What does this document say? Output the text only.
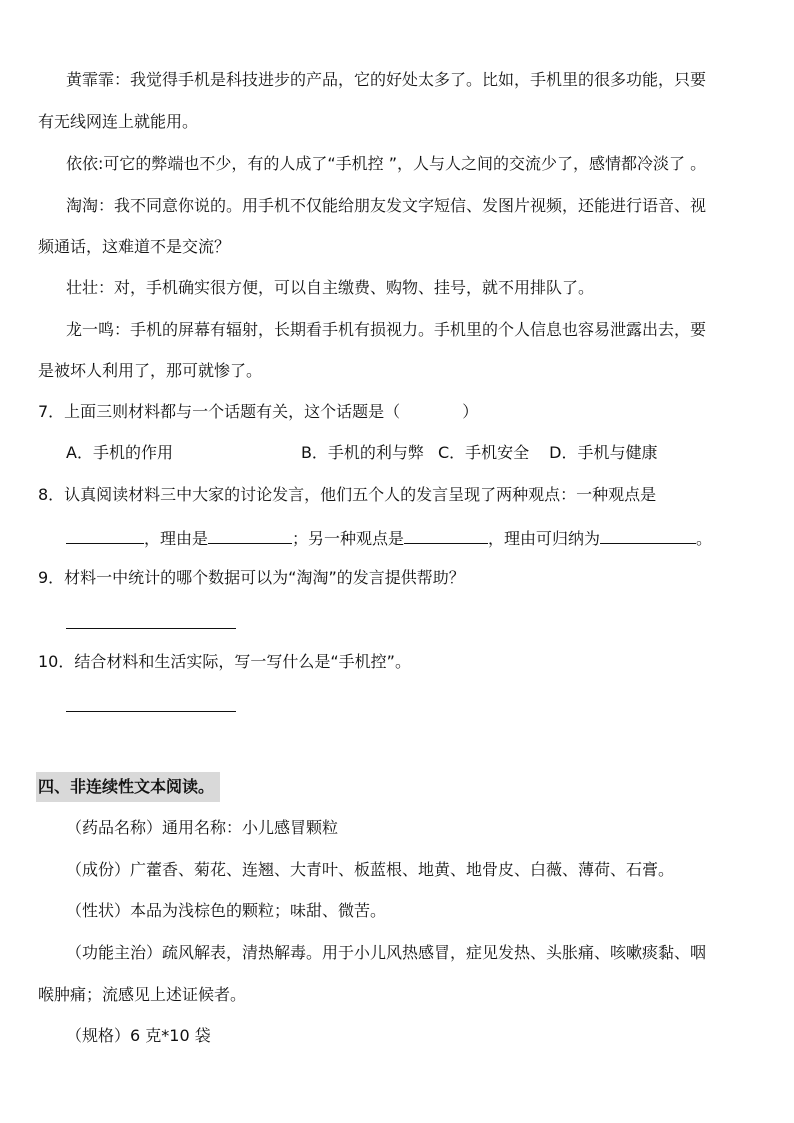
黄霏霏：我觉得手机是科技进步的产品，它的好处太多了。比如，手机里的很多功能，只要
有无线网连上就能用。
依依:可它的弊端也不少，有的人成了“手机控 ”，人与人之间的交流少了，感情都冷淡了 。
淘淘：我不同意你说的。用手机不仅能给朋友发文字短信、发图片视频，还能进行语音、视
频通话，这难道不是交流？
壮壮：对，手机确实很方便，可以自主缴费、购物、挂号，就不用排队了。
龙一鸣：手机的屏幕有辐射，长期看手机有损视力。手机里的个人信息也容易泄露出去，要
是被坏人利用了，那可就惨了。
7．上面三则材料都与一个话题有关，这个话题是（	）
A．手机的作用	B．手机的利与弊 C．手机安全 D．手机与健康
8．认真阅读材料三中大家的讨论发言，他们五个人的发言呈现了两种观点：一种观点是
，理由是	；另一种观点是	，理由可归纳为	。
9．材料一中统计的哪个数据可以为“淘淘”的发言提供帮助？
10．结合材料和生活实际，写一写什么是“手机控”。
四、非连续性文本阅读。
（药品名称）通用名称：小儿感冒颗粒
（成份）广藿香、菊花、连翘、大青叶、板蓝根、地黄、地骨皮、白薇、薄荷、石膏。
（性状）本品为浅棕色的颗粒；味甜、微苦。
（功能主治）疏风解表，清热解毒。用于小儿风热感冒，症见发热、头胀痛、咳嗽痰黏、咽
喉肿痛；流感见上述证候者。
（规格）6 克*10 袋
